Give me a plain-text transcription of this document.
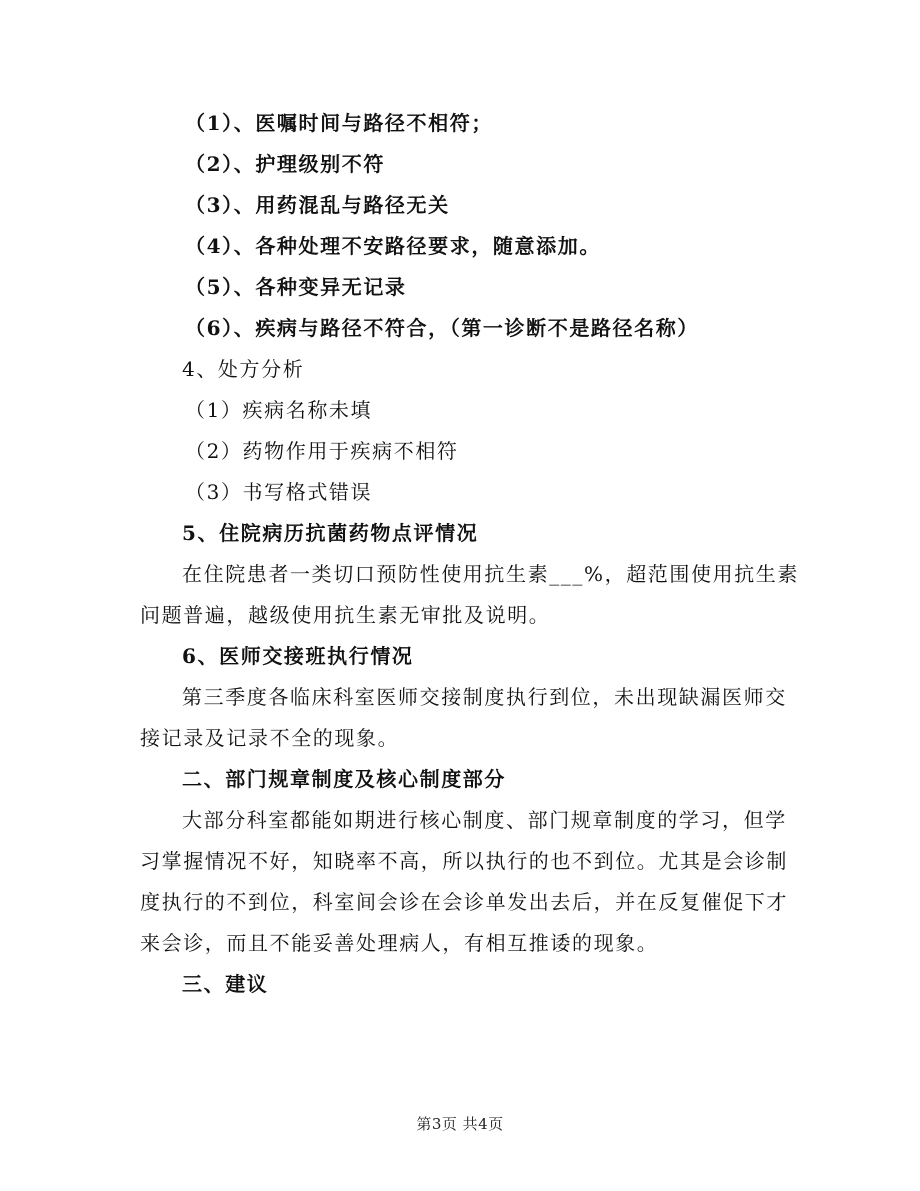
（1）、医嘱时间与路径不相符；
（2）、护理级别不符
（3）、用药混乱与路径无关
（4）、各种处理不安路径要求，随意添加。
（5）、各种变异无记录
（6）、疾病与路径不符合，（第一诊断不是路径名称）
4、处方分析
（1）疾病名称未填
（2）药物作用于疾病不相符
（3）书写格式错误
5、住院病历抗菌药物点评情况
在住院患者一类切口预防性使用抗生素___%，超范围使用抗生素
问题普遍，越级使用抗生素无审批及说明。
6、医师交接班执行情况
第三季度各临床科室医师交接制度执行到位，未出现缺漏医师交
接记录及记录不全的现象。
二、部门规章制度及核心制度部分
大部分科室都能如期进行核心制度、部门规章制度的学习，但学
习掌握情况不好，知晓率不高，所以执行的也不到位。尤其是会诊制
度执行的不到位，科室间会诊在会诊单发出去后，并在反复催促下才
来会诊，而且不能妥善处理病人，有相互推诿的现象。
三、建议
第3页 共4页
